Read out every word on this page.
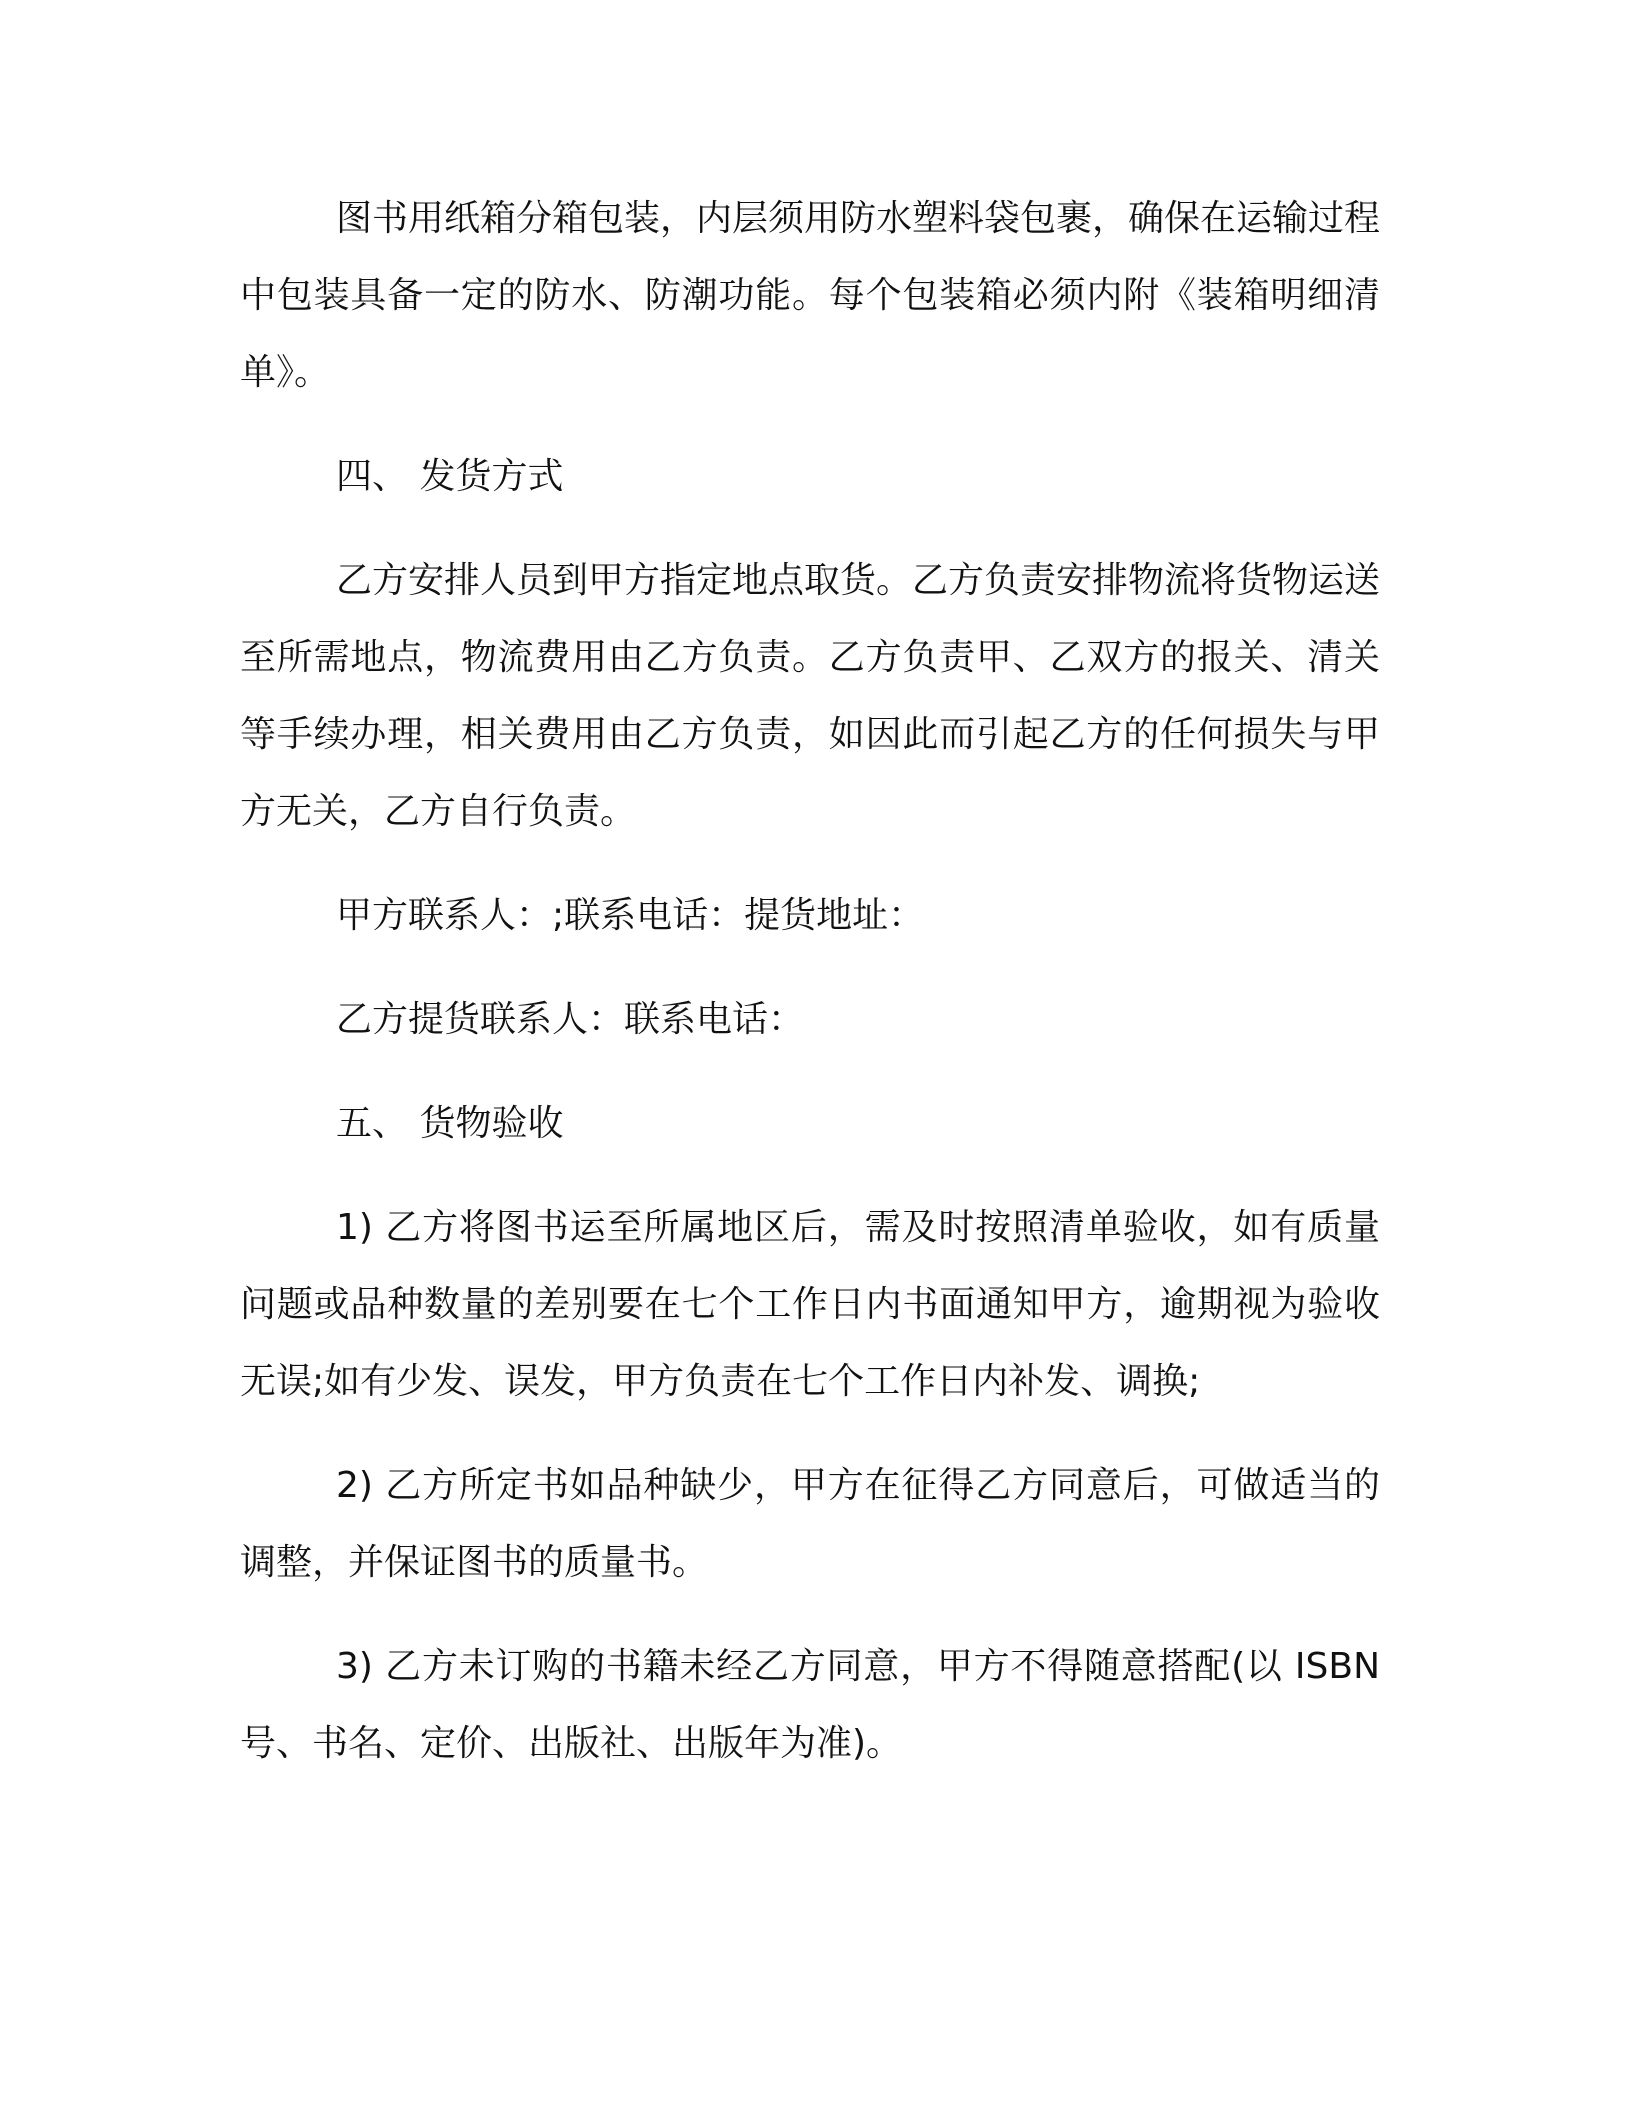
图书用纸箱分箱包装，内层须用防水塑料袋包裹，确保在运输过程中包装具备一定的防水、防潮功能。每个包装箱必须内附《装箱明细清单》。

四、 发货方式

乙方安排人员到甲方指定地点取货。乙方负责安排物流将货物运送至所需地点，物流费用由乙方负责。乙方负责甲、乙双方的报关、清关等手续办理，相关费用由乙方负责，如因此而引起乙方的任何损失与甲方无关，乙方自行负责。

甲方联系人：;联系电话：提货地址：

乙方提货联系人：联系电话：

五、 货物验收

1) 乙方将图书运至所属地区后，需及时按照清单验收，如有质量问题或品种数量的差别要在七个工作日内书面通知甲方，逾期视为验收无误;如有少发、误发，甲方负责在七个工作日内补发、调换;

2) 乙方所定书如品种缺少，甲方在征得乙方同意后，可做适当的调整，并保证图书的质量书。

3) 乙方未订购的书籍未经乙方同意，甲方不得随意搭配(以 ISBN号、书名、定价、出版社、出版年为准)。
